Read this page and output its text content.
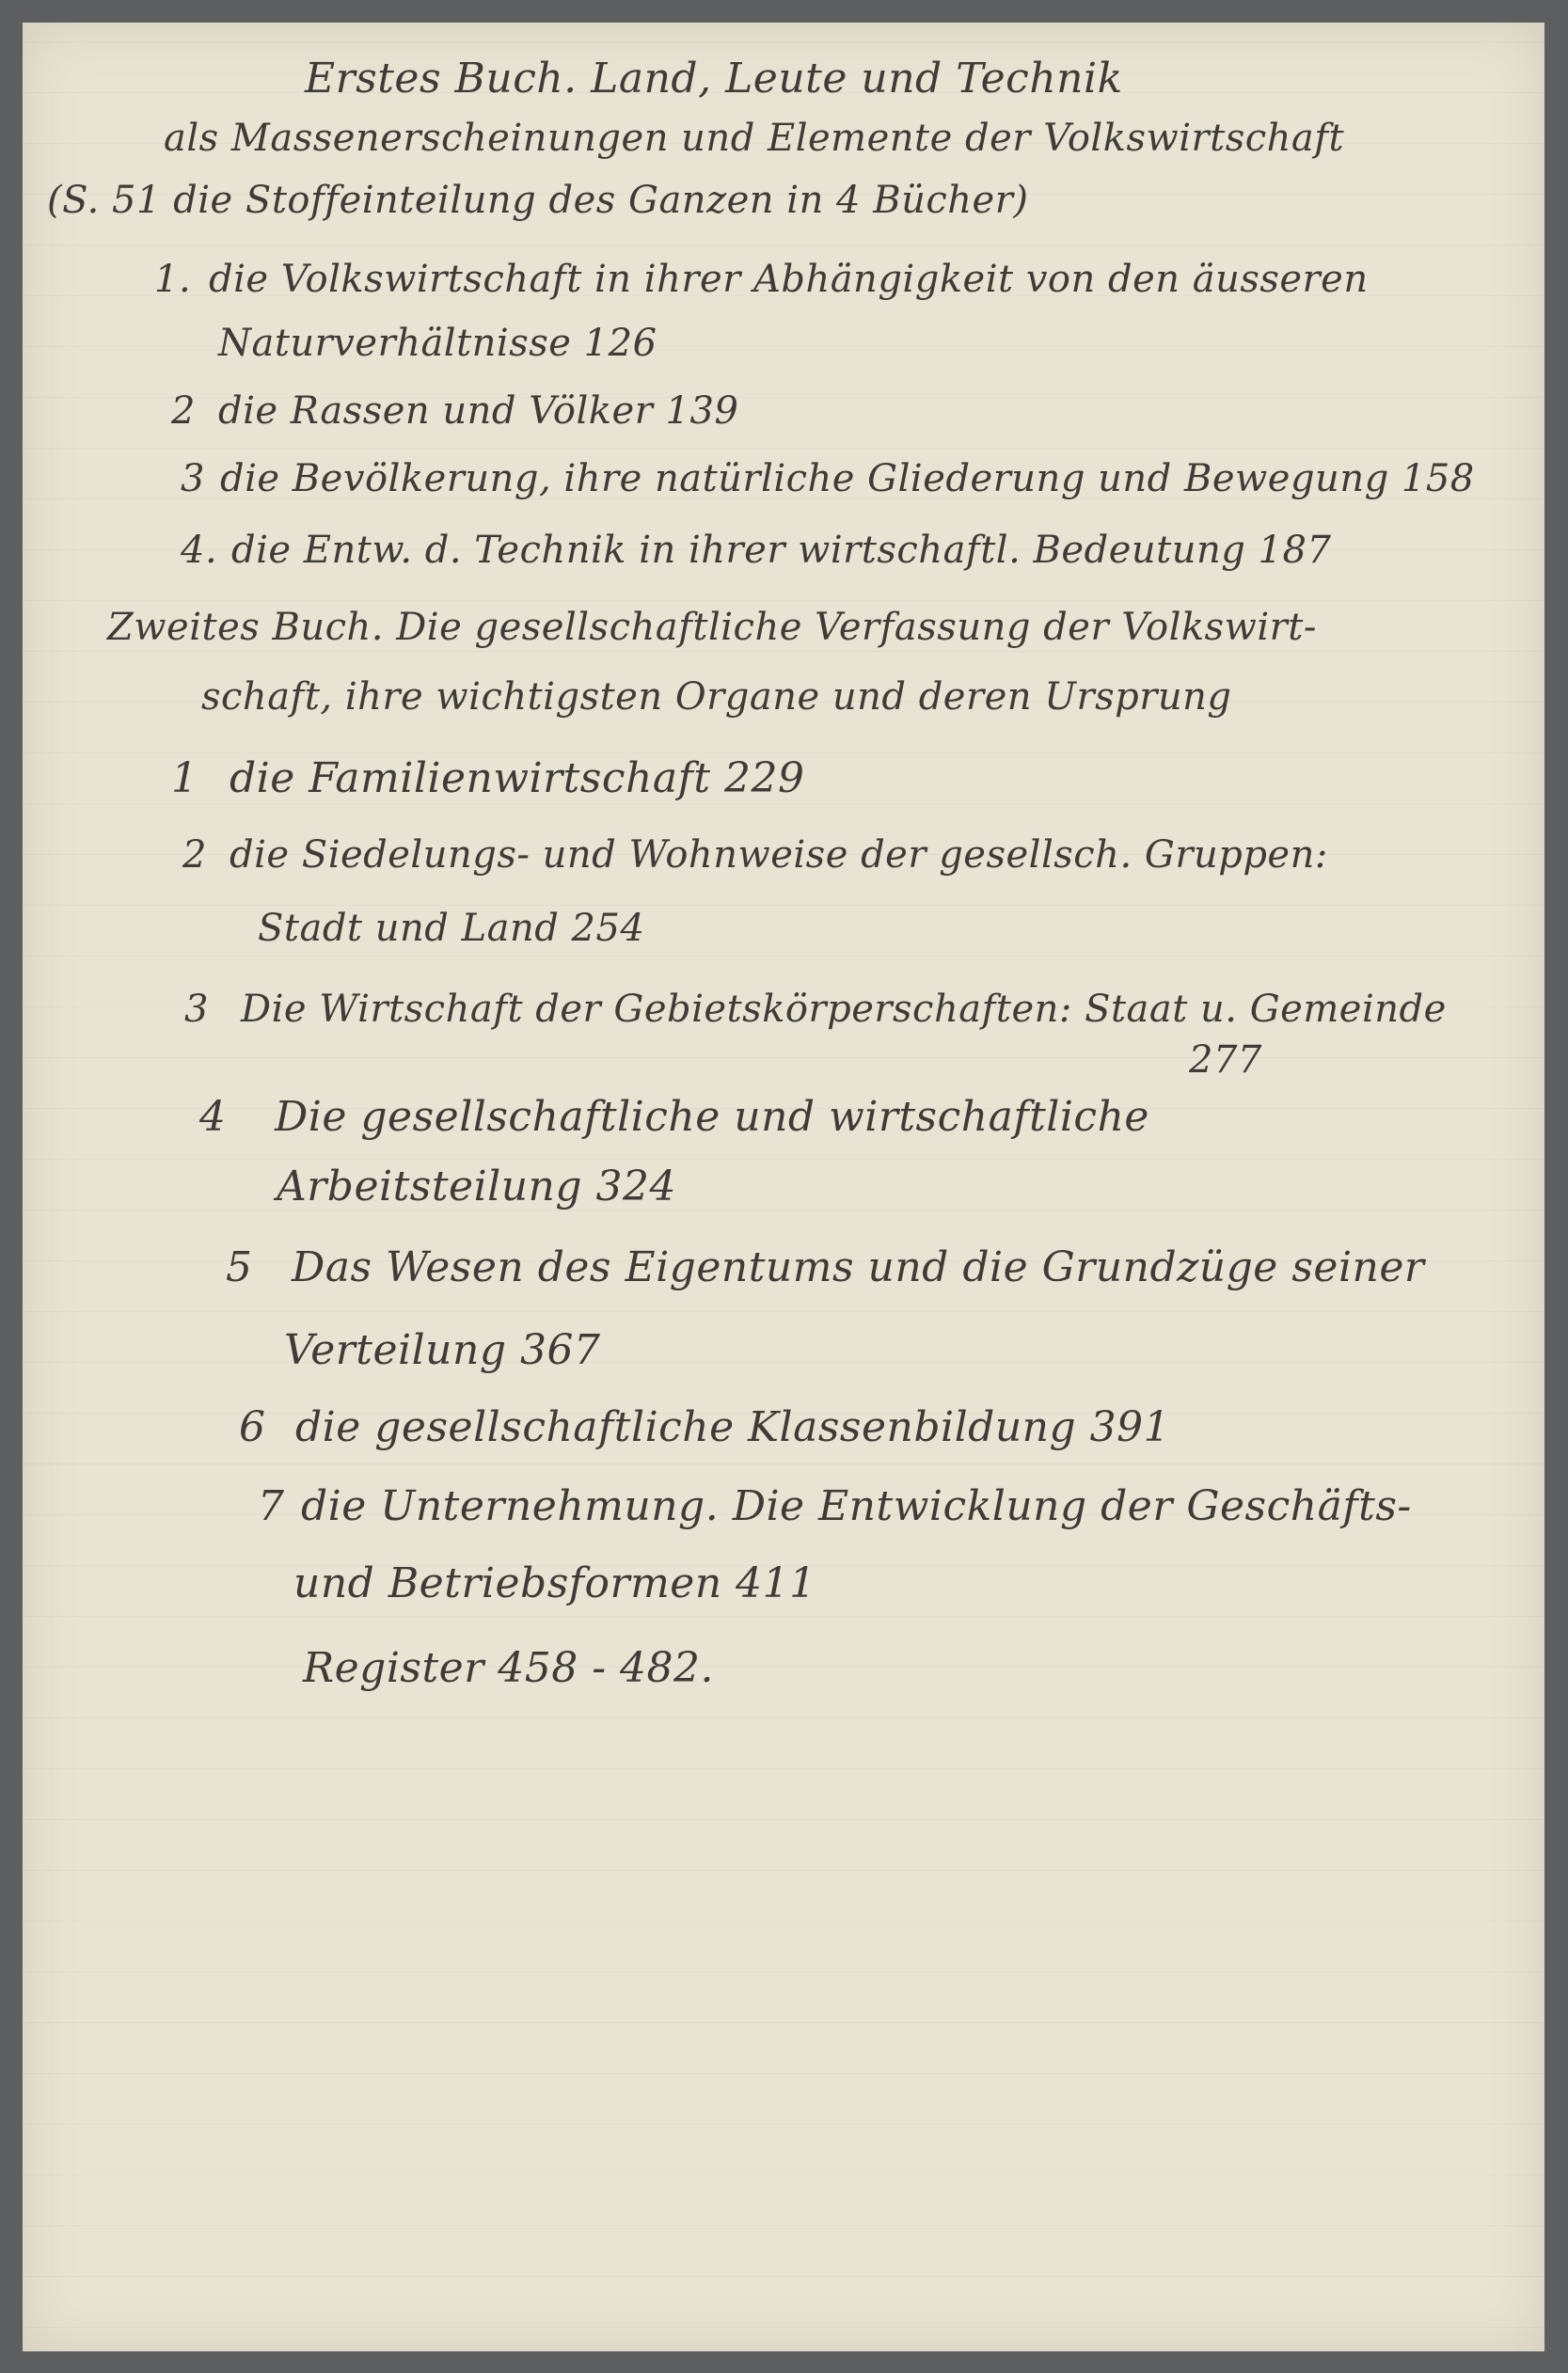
Erstes Buch. Land, Leute und Technik
als Massenerscheinungen und Elemente der Volkswirtschaft
(S. 51 die Stoffeinteilung des Ganzen in 4 Bücher)
1. die Volkswirtschaft in ihrer Abhängigkeit von den äusseren
Naturverhältnisse 126
2 die Rassen und Völker 139
3 die Bevölkerung, ihre natürliche Gliederung und Bewegung 158
4. die Entw. d. Technik in ihrer wirtschaftl. Bedeutung 187
Zweites Buch. Die gesellschaftliche Verfassung der Volkswirt-
schaft, ihre wichtigsten Organe und deren Ursprung
1 die Familienwirtschaft 229
2 die Siedelungs- und Wohnweise der gesellsch. Gruppen:
Stadt und Land 254
3 Die Wirtschaft der Gebietskörperschaften: Staat u. Gemeinde
277
4 Die gesellschaftliche und wirtschaftliche
Arbeitsteilung 324
5 Das Wesen des Eigentums und die Grundzüge seiner
Verteilung 367
6 die gesellschaftliche Klassenbildung 391
7 die Unternehmung. Die Entwicklung der Geschäfts-
und Betriebsformen 411
Register 458 - 482.
